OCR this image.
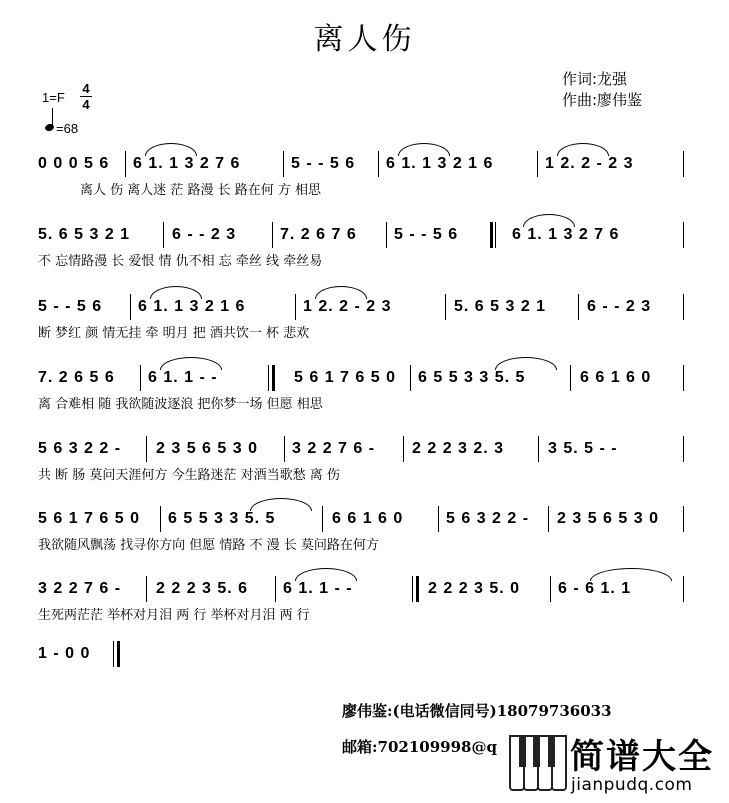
离人伤
作词:龙强
作曲:廖伟鉴
1=F
4
4
=68
0 0 0 5 6 6 1. 1 3 2 7 6	5 - - 5 6 6 1. 1 3 2 1 6	1 2. 2 - 2 3
离人 伤 离人迷 茫 路漫 长 路在何 方 相思
5. 6 5 3 2 1	6 - - 2 3	7. 2 6 7 6 5 - - 5 6	6 1. 1 3 2 7 6
不 忘情路漫 长 爱恨 情 仇不相 忘 牵丝 线 牵丝易
5 - - 5 6 6 1. 1 3 2 1 6	1 2. 2 - 2 3	5. 6 5 3 2 1	6 - - 2 3
断 梦红 颜 情无挂 牵 明月 把 酒共饮一 杯 悲欢
7. 2 6 5 6 6 1. 1 - -	5 6 1 7 6 5 0 6 5 5 3 3 5. 5	6 6 1 6 0
离 合难相 随 我欲随波逐浪 把你梦一场 但愿 相思
5 6 3 2 2 - 2 3 5 6 5 3 0 3 2 2 7 6 - 2 2 2 3 2. 3	3 5. 5 - -
共 断 肠 莫问天涯何方 今生路迷茫 对酒当歌愁 离 伤
5 6 1 7 6 5 0 6 5 5 3 3 5. 5	6 6 1 6 0	5 6 3 2 2 - 2 3 5 6 5 3 0
我欲随风飘荡 找寻你方向 但愿 情路 不 漫 长 莫问路在何方
3 2 2 7 6 - 2 2 2 3 5. 6 6 1. 1 - -	2 2 2 3 5. 0 6 - 6 1. 1
生死两茫茫 举杯对月泪 两 行 举杯对月泪 两 行
1 - 0 0
廖伟鉴:(电话微信同号)18079736033
邮箱:702109998@q 简谱大全
jianpudq.com
